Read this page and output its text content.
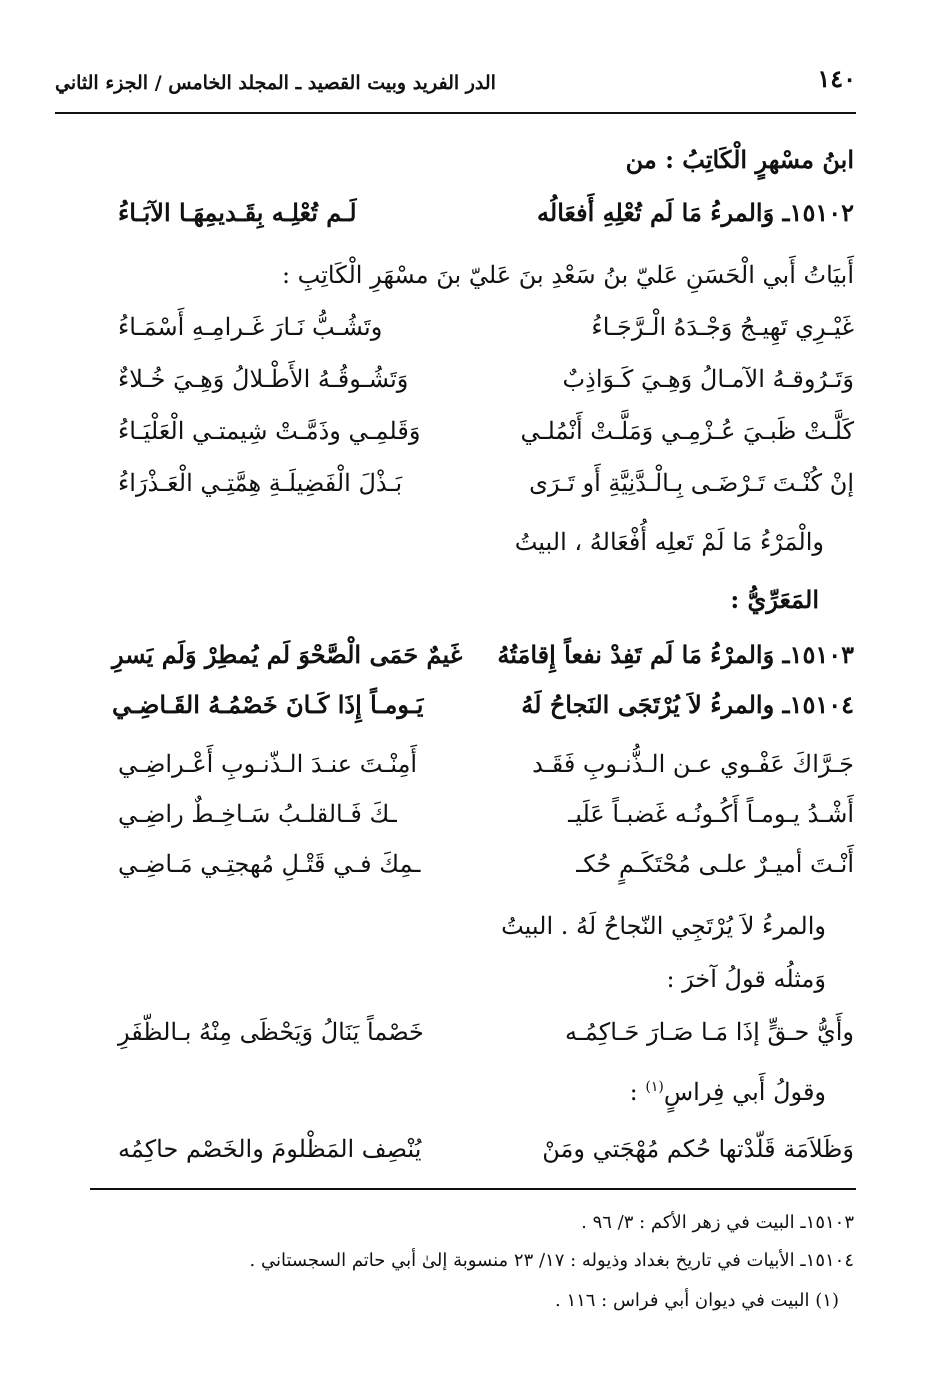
١٤٠
الدر الفريد وبيت القصيد ـ المجلد الخامس / الجزء الثاني
ابنُ مسْهرٍ الْكَاتِبُ : من
١٥١٠٢ـ وَالمرءُ مَا لَم تُعْلِهِ أَفعَالُه
لَـم تُعْلِـه بِقَـديمِهَـا الآبَـاءُ
أَبيَاتُ أَبي الْحَسَنِ عَليّ بنُ سَعْدِ بنَ عَليّ بنَ مسْهَرِ الْكَاتِبِ :
غَيْـرِي تَهِيـجُ وَجْـدَهُ الْـرَّجَـاءُ
وتَشُـبُّ نَـارَ غَـرامِـهِ أَسْمَـاءُ
وَتَـرُوقـهُ الآمـالُ وَهِـيَ كَـوَاذِبٌ
وَتَشُـوقُـهُ الأَطْـلالُ وَهِـيَ خُـلاءٌ
كَلَّـتْ ظَبـيَ عُـزْمِـي وَمَلَّـتْ أَنْمُلـي
وَقَلمِـي وذَمَّـتْ شِيمتـي الْعَلْيَـاءُ
إنْ كُنْـتَ تَـرْضَـى بِـالْـدَّنِيَّةِ أَو تَـرَى
بَـذْلَ الْفَضِيلَـةِ هِمَّتِـي الْعَـذْرَاءُ
والْمَرْءُ مَا لَمْ تَعلِه أُفْعَالهُ ، البيتُ
المَعَرِّيُّ :
١٥١٠٣ـ وَالمرْءُ مَا لَم تَفِدْ نفعاً إِقامَتُهُ
غَيمٌ حَمَى الْصَّحْوَ لَم يُمطِرْ وَلَم يَسرِ
١٥١٠٤ـ والمرءُ لاَ يُرْتَجَى النَجاحُ لَهُ
يَـومـاً إِذَا كَـانَ خَصْمُـهُ القَـاضِـي
جَـرَّاكَ عَفْـوي عـن الـذُّنـوبِ فَقَـد
أَمِنْـتَ عنـدَ الـذّنـوبِ أَعْـراضِـي
أَشْـدُ يـومـاً أَكُـونُـه غَضبـاً عَلَيـ
ـكَ فَـالقلـبُ سَـاخِـطٌ راضِـي
أَنْـتَ أميـرٌ علـى مُحْتَكَـمٍ حُكـ
ـمِكَ فـي قَتْـلِ مُهجتِـي مَـاضِـي
والمرءُ لاَ يُرْتَجِي النّجاحُ لَهُ . البيتُ
وَمثلُه قولُ آخرَ :
وأَيُّ حـقٍّ إذَا مَـا صَـارَ حَـاكِمُـه
خَصْماً يَنَالُ وَيَحْظَى مِنْهُ بـالظّفَرِ
وقولُ أَبي فِراسٍ$^{(١)}$ :
وَظَلاَمَة قَلّدْتها حُكم مُهْجَتي ومَنْ
يُنْصِف المَظْلومَ والخَصْم حاكِمُه
١٥١٠٣ـ البيت في زهر الأكم : ٣/ ٩٦ .
١٥١٠٤ـ الأبيات في تاريخ بغداد وذيوله : ١٧/ ٢٣ منسوبة إلىٰ أبي حاتم السجستاني .
(١) البيت في ديوان أبي فراس : ١١٦ .
